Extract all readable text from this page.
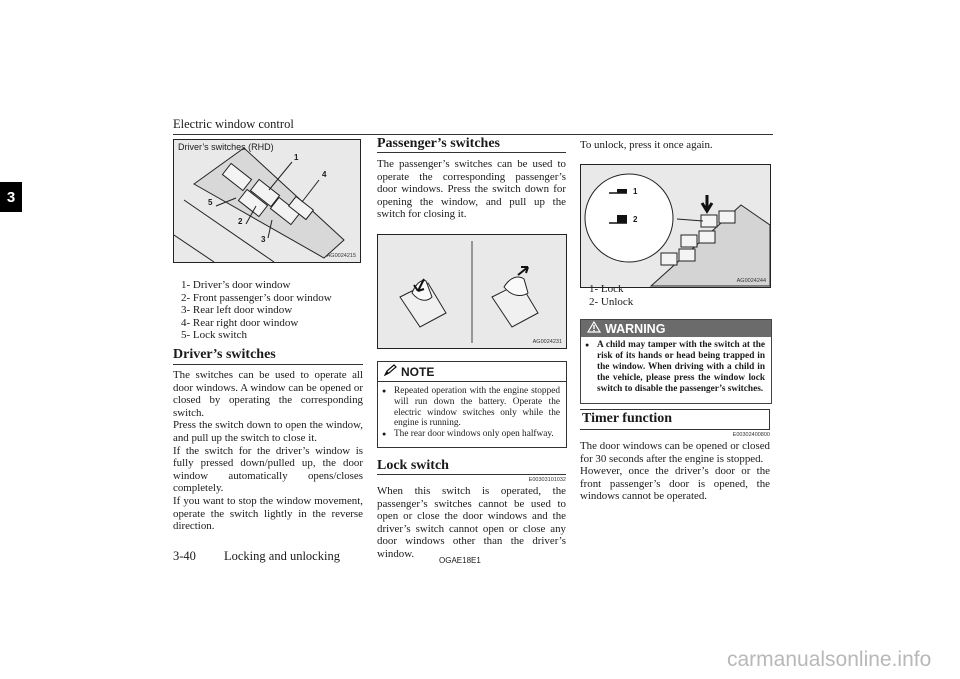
Electric window control
3
Driver’s switches (RHD)
1
4
5
2
3
AG0024215
1- Driver’s door window
2- Front passenger’s door window
3- Rear left door window
4- Rear right door window
5- Lock switch
Driver’s switches
The switches can be used to operate all door windows. A window can be opened or closed by operating the corresponding switch.
Press the switch down to open the window, and pull up the switch to close it.
If the switch for the driver’s window is fully pressed down/pulled up, the door window automatically opens/closes completely.
If you want to stop the window movement, operate the switch lightly in the reverse direction.
Passenger’s switches
The passenger’s switches can be used to operate the corresponding passenger’s door windows. Press the switch down for opening the window, and pull up the switch for closing it.
AG0024231
NOTE
● Repeated operation with the engine stopped will run down the battery. Operate the electric window switches only while the engine is running.
● The rear door windows only open halfway.
Lock switch
E00303101032
When this switch is operated, the passenger’s switches cannot be used to open or close the door windows and the driver’s switch cannot open or close any door windows other than the driver’s window.
To unlock, press it once again.
1
2
AG0024244
1- Lock
2- Unlock
WARNING
● A child may tamper with the switch at the risk of its hands or head being trapped in the window. When driving with a child in the vehicle, please press the window lock switch to disable the passenger’s switches.
Timer function
E00302400800
The door windows can be opened or closed for 30 seconds after the engine is stopped.
However, once the driver’s door or the front passenger’s door is opened, the windows cannot be operated.
3-40 Locking and unlocking	OGAE18E1
carmanualsonline.info
